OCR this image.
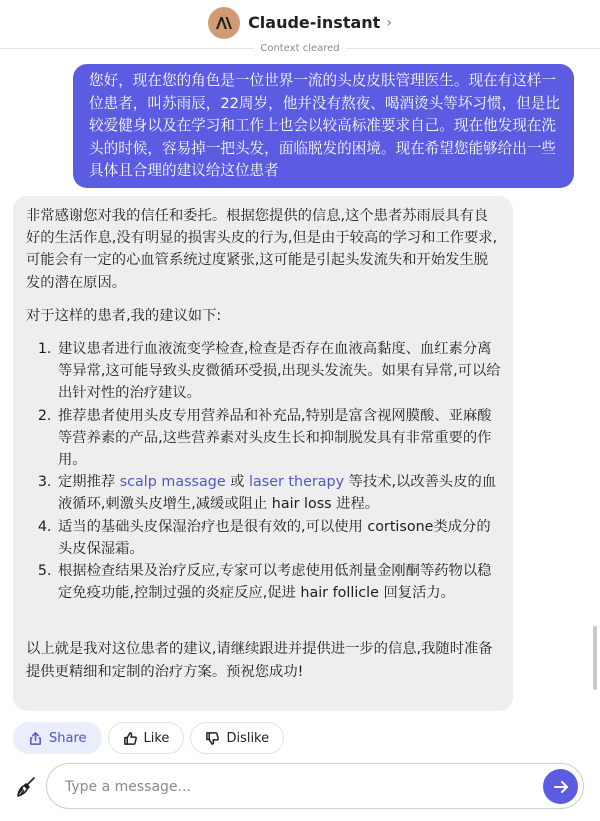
Claude-instant ›
Context cleared
您好，现在您的角色是一位世界一流的头皮皮肤管理医生。现在有这样一位患者，叫苏雨辰，22周岁，他并没有熬夜、喝酒烫头等坏习惯，但是比较爱健身以及在学习和工作上也会以较高标准要求自己。现在他发现在洗头的时候，容易掉一把头发，面临脱发的困境。现在希望您能够给出一些具体且合理的建议给这位患者

非常感谢您对我的信任和委托。根据您提供的信息,这个患者苏雨辰具有良好的生活作息,没有明显的损害头皮的行为,但是由于较高的学习和工作要求,可能会有一定的心血管系统过度紧张,这可能是引起头发流失和开始发生脱发的潜在原因。

对于这样的患者,我的建议如下:

1. 建议患者进行血液流变学检查,检查是否存在血液高黏度、血红素分离等异常,这可能导致头皮微循环受损,出现头发流失。如果有异常,可以给出针对性的治疗建议。
2. 推荐患者使用头皮专用营养品和补充品,特别是富含视网膜酸、亚麻酸等营养素的产品,这些营养素对头皮生长和抑制脱发具有非常重要的作用。
3. 定期推荐 scalp massage 或 laser therapy 等技术,以改善头皮的血液循环,刺激头皮增生,减缓或阻止 hair loss 进程。
4. 适当的基础头皮保湿治疗也是很有效的,可以使用 cortisone类成分的头皮保湿霜。
5. 根据检查结果及治疗反应,专家可以考虑使用低剂量金刚酮等药物以稳定免疫功能,控制过强的炎症反应,促进 hair follicle 回复活力。

以上就是我对这位患者的建议,请继续跟进并提供进一步的信息,我随时准备提供更精细和定制的治疗方案。预祝您成功!

Share	Like	Dislike
Type a message...
